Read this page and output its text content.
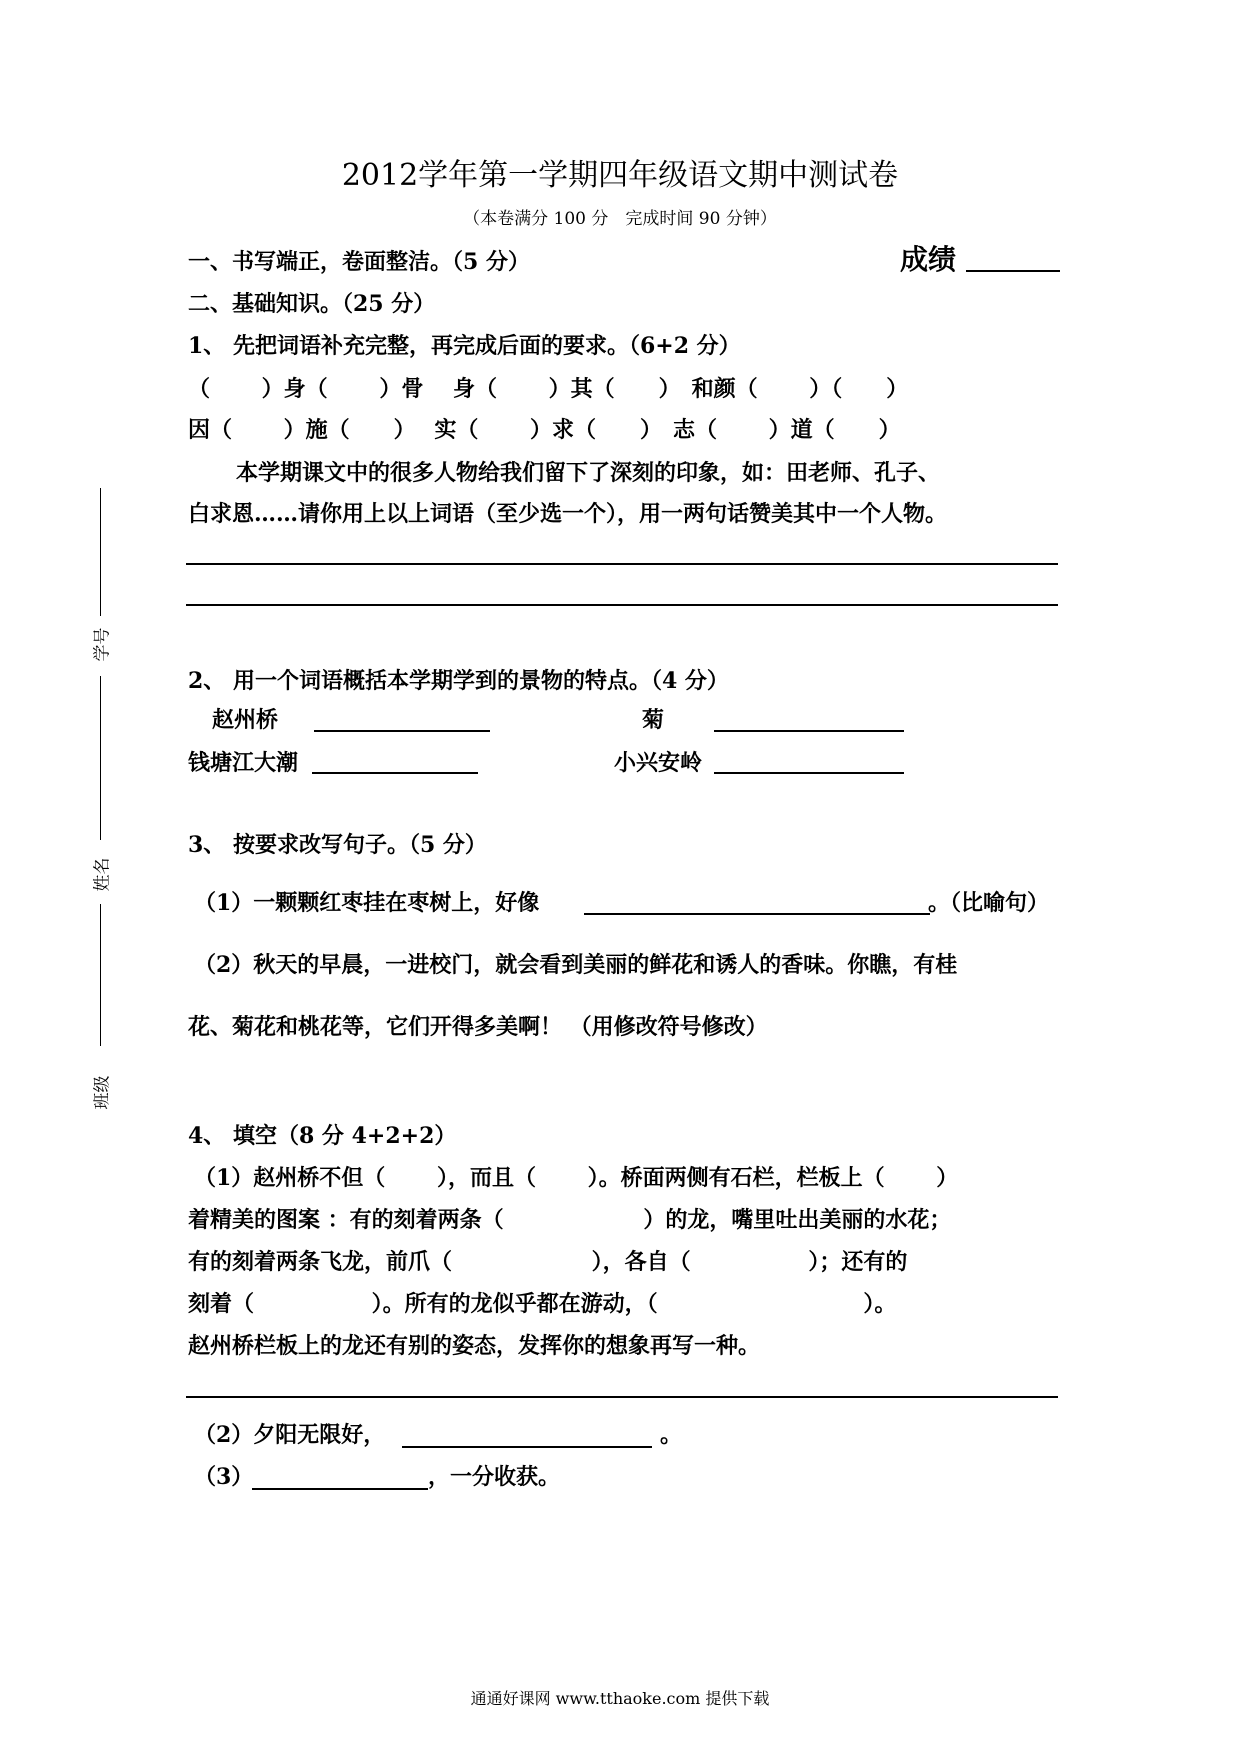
学号
姓名
班级
2012学年第一学期四年级语文期中测试卷
（本卷满分 100 分　完成时间 90 分钟）
成绩
一、书写端正，卷面整洁。（5 分）
二、基础知识。（25 分）
1、 先把词语补充完整，再完成后面的要求。（6+2 分）
（　　 ）身（　　 ）骨　 身（　　 ）其（　　）　和颜（　　 ）（　　）
因（　　 ）施（　　）　 实（　　 ）求（　　）　志（　　 ）道（　　）
本学期课文中的很多人物给我们留下了深刻的印象，如：田老师、孔子、
白求恩……请你用上以上词语（至少选一个），用一两句话赞美其中一个人物。
2、 用一个词语概括本学期学到的景物的特点。（4 分）
赵州桥	菊
钱塘江大潮	小兴安岭
3、 按要求改写句子。（5 分）
（1）一颗颗红枣挂在枣树上，好像	。（比喻句）
（2）秋天的早晨，一进校门，就会看到美丽的鲜花和诱人的香味。你瞧，有桂
花、菊花和桃花等，它们开得多美啊！ （用修改符号修改）
4、 填空（8 分 4+2+2）
（1）赵州桥不但（　　 ），而且（　　 ）。桥面两侧有石栏，栏板上（　　 ）
着精美的图案 ：有的刻着两条（　　　　　　 ）的龙，嘴里吐出美丽的水花；
有的刻着两条飞龙，前爪（　　　　　　 ），各自（　　　　　 ）；还有的
刻着（　　　　　 ）。所有的龙似乎都在游动，（　　　　　　　　　 ）。
赵州桥栏板上的龙还有别的姿态，发挥你的想象再写一种。
（2）夕阳无限好，	。
（3）	，一分收获。
通通好课网 www.tthaoke.com 提供下载
